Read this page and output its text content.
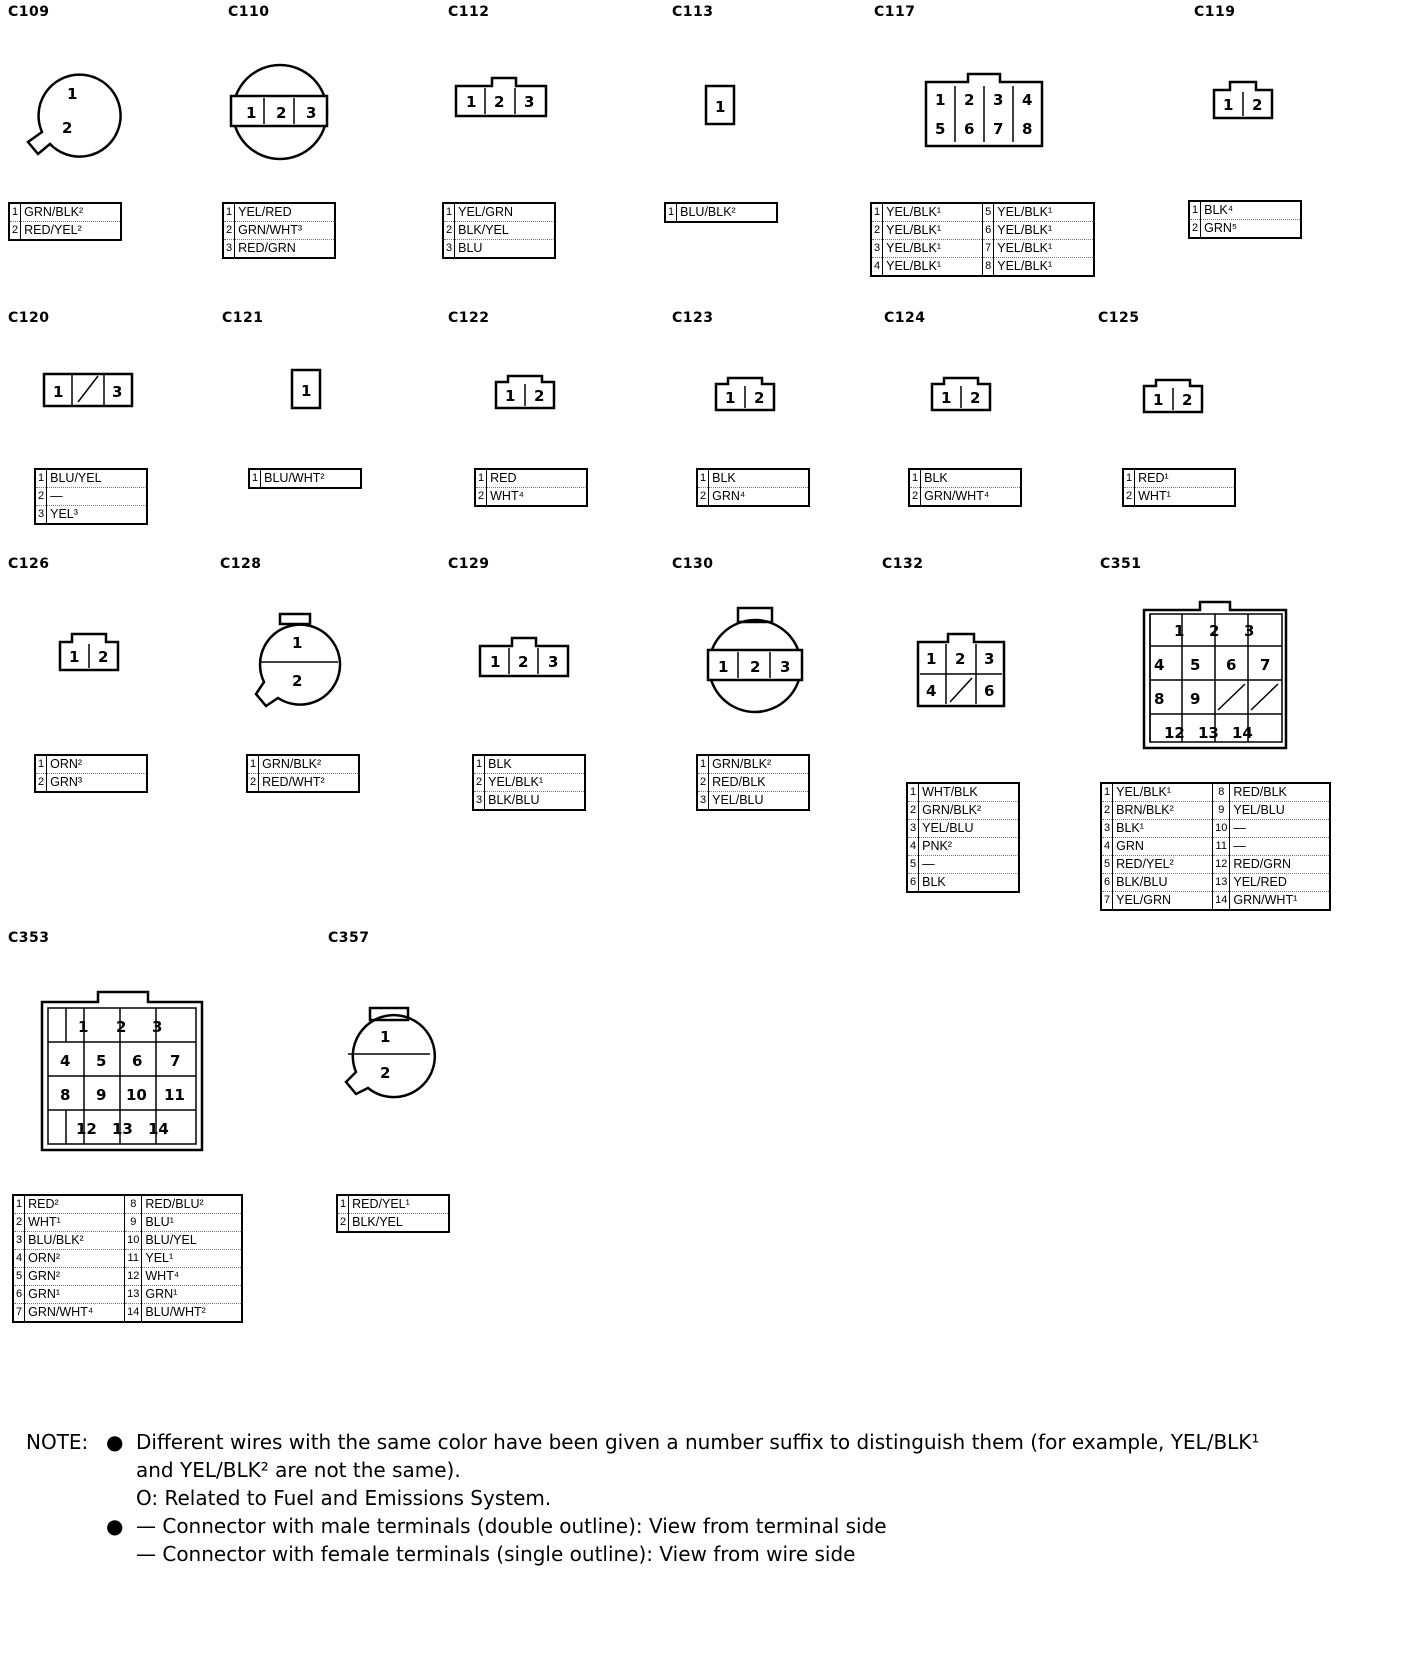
C109
1
2
1	GRN/BLK²
2	RED/YEL²
C110
1 2 3
1	YEL/RED
2	GRN/WHT³
3	RED/GRN
C112
1 2 3
1	YEL/GRN
2	BLK/YEL
3	BLU
C113
1
1	BLU/BLK²
C117
1 2 3 4
5 6 7 8
1	YEL/BLK¹	5	YEL/BLK¹
2	YEL/BLK¹	6	YEL/BLK¹
3	YEL/BLK¹	7	YEL/BLK¹
4	YEL/BLK¹	8	YEL/BLK¹
C119
1 2
1	BLK⁴
2	GRN⁵
C120
1	3
1	BLU/YEL
2	—
3	YEL³
C121
1
1	BLU/WHT²
C122
1 2
1	RED
2	WHT⁴
C123
1 2
1	BLK
2	GRN⁴
C124
1 2
1	BLK
2	GRN/WHT⁴
C125
1 2
1	RED¹
2	WHT¹
C126
1 2
1	ORN²
2	GRN³
C128
1
2
1	GRN/BLK²
2	RED/WHT²
C129
1 2 3
1	BLK
2	YEL/BLK¹
3	BLK/BLU
C130
1 2 3
1	GRN/BLK²
2	RED/BLK
3	YEL/BLU
C132
1 2 3
4	6
1	WHT/BLK
2	GRN/BLK²
3	YEL/BLU
4	PNK²
5	—
6	BLK
C351
1 2 3
4 5 6 7
8 9
12 13 14
1	YEL/BLK¹	8	RED/BLK
2	BRN/BLK²	9	YEL/BLU
3	BLK¹	10	—
4	GRN	11	—
5	RED/YEL²	12	RED/GRN
6	BLK/BLU	13	YEL/RED
7	YEL/GRN	14	GRN/WHT¹
C353
1 2 3
4 5 6 7
8 9 10 11
12 13 14
1	RED²	8	RED/BLU²
2	WHT¹	9	BLU¹
3	BLU/BLK²	10	BLU/YEL
4	ORN²	11	YEL¹
5	GRN²	12	WHT⁴
6	GRN¹	13	GRN¹
7	GRN/WHT⁴	14	BLU/WHT²
C357
1
2
1	RED/YEL¹
2	BLK/YEL
NOTE: ● Different wires with the same color have been given a number suffix to distinguish them (for example, YEL/BLK¹
and YEL/BLK² are not the same).
O: Related to Fuel and Emissions System.
● — Connector with male terminals (double outline): View from terminal side
— Connector with female terminals (single outline): View from wire side
